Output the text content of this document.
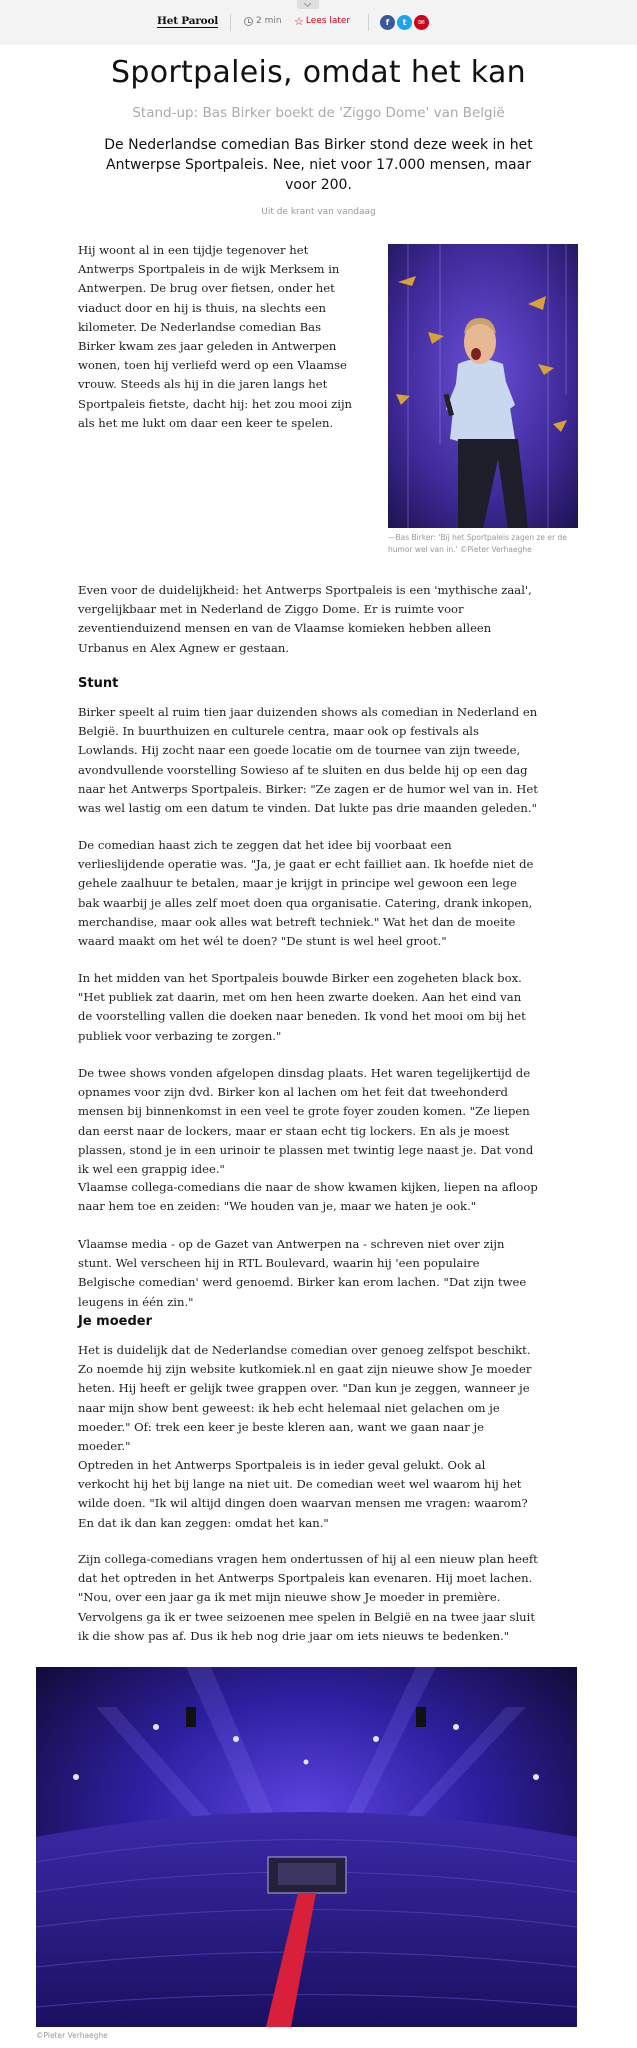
Het Parool	2 min ☆ Lees later	f	t	✉
Sportpaleis, omdat het kan
Stand-up: Bas Birker boekt de 'Ziggo Dome' van België
De Nederlandse comedian Bas Birker stond deze week in het Antwerpse Sportpaleis. Nee, niet voor 17.000 mensen, maar voor 200.
Uit de krant van vandaag

Hij woont al in een tijdje tegenover het Antwerps Sportpaleis in de wijk Merksem in Antwerpen. De brug over fietsen, onder het viaduct door en hij is thuis, na slechts een kilometer. De Nederlandse comedian Bas Birker kwam zes jaar geleden in Antwerpen wonen, toen hij verliefd werd op een Vlaamse vrouw. Steeds als hij in die jaren langs het Sportpaleis fietste, dacht hij: het zou mooi zijn als het me lukt om daar een keer te spelen.

—Bas Birker: 'Bij het Sportpaleis zagen ze er de humor wel van in.' ©Pieter Verhaeghe

Even voor de duidelijkheid: het Antwerps Sportpaleis is een 'mythische zaal', vergelijkbaar met in Nederland de Ziggo Dome. Er is ruimte voor zeventienduizend mensen en van de Vlaamse komieken hebben alleen Urbanus en Alex Agnew er gestaan.

Stunt

Birker speelt al ruim tien jaar duizenden shows als comedian in Nederland en België. In buurthuizen en culturele centra, maar ook op festivals als Lowlands. Hij zocht naar een goede locatie om de tournee van zijn tweede, avondvullende voorstelling Sowieso af te sluiten en dus belde hij op een dag naar het Antwerps Sportpaleis. Birker: "Ze zagen er de humor wel van in. Het was wel lastig om een datum te vinden. Dat lukte pas drie maanden geleden."

De comedian haast zich te zeggen dat het idee bij voorbaat een verlieslijdende operatie was. "Ja, je gaat er echt failliet aan. Ik hoefde niet de gehele zaalhuur te betalen, maar je krijgt in principe wel gewoon een lege bak waarbij je alles zelf moet doen qua organisatie. Catering, drank inkopen, merchandise, maar ook alles wat betreft techniek." Wat het dan de moeite waard maakt om het wél te doen? "De stunt is wel heel groot."

In het midden van het Sportpaleis bouwde Birker een zogeheten black box. "Het publiek zat daarin, met om hen heen zwarte doeken. Aan het eind van de voorstelling vallen die doeken naar beneden. Ik vond het mooi om bij het publiek voor verbazing te zorgen."

De twee shows vonden afgelopen dinsdag plaats. Het waren tegelijkertijd de opnames voor zijn dvd. Birker kon al lachen om het feit dat tweehonderd mensen bij binnenkomst in een veel te grote foyer zouden komen. "Ze liepen dan eerst naar de lockers, maar er staan echt tig lockers. En als je moest plassen, stond je in een urinoir te plassen met twintig lege naast je. Dat vond ik wel een grappig idee."

Vlaamse collega-comedians die naar de show kwamen kijken, liepen na afloop naar hem toe en zeiden: "We houden van je, maar we haten je ook."

Vlaamse media - op de Gazet van Antwerpen na - schreven niet over zijn stunt. Wel verscheen hij in RTL Boulevard, waarin hij 'een populaire Belgische comedian' werd genoemd. Birker kan erom lachen. "Dat zijn twee leugens in één zin."

Je moeder

Het is duidelijk dat de Nederlandse comedian over genoeg zelfspot beschikt. Zo noemde hij zijn website kutkomiek.nl en gaat zijn nieuwe show Je moeder heten. Hij heeft er gelijk twee grappen over. "Dan kun je zeggen, wanneer je naar mijn show bent geweest: ik heb echt helemaal niet gelachen om je moeder." Of: trek een keer je beste kleren aan, want we gaan naar je moeder."

Optreden in het Antwerps Sportpaleis is in ieder geval gelukt. Ook al verkocht hij het bij lange na niet uit. De comedian weet wel waarom hij het wilde doen. "Ik wil altijd dingen doen waarvan mensen me vragen: waarom? En dat ik dan kan zeggen: omdat het kan."

Zijn collega-comedians vragen hem ondertussen of hij al een nieuw plan heeft dat het optreden in het Antwerps Sportpaleis kan evenaren. Hij moet lachen. "Nou, over een jaar ga ik met mijn nieuwe show Je moeder in première. Vervolgens ga ik er twee seizoenen mee spelen in België en na twee jaar sluit ik die show pas af. Dus ik heb nog drie jaar om iets nieuws te bedenken."

©Pieter Verhaeghe
